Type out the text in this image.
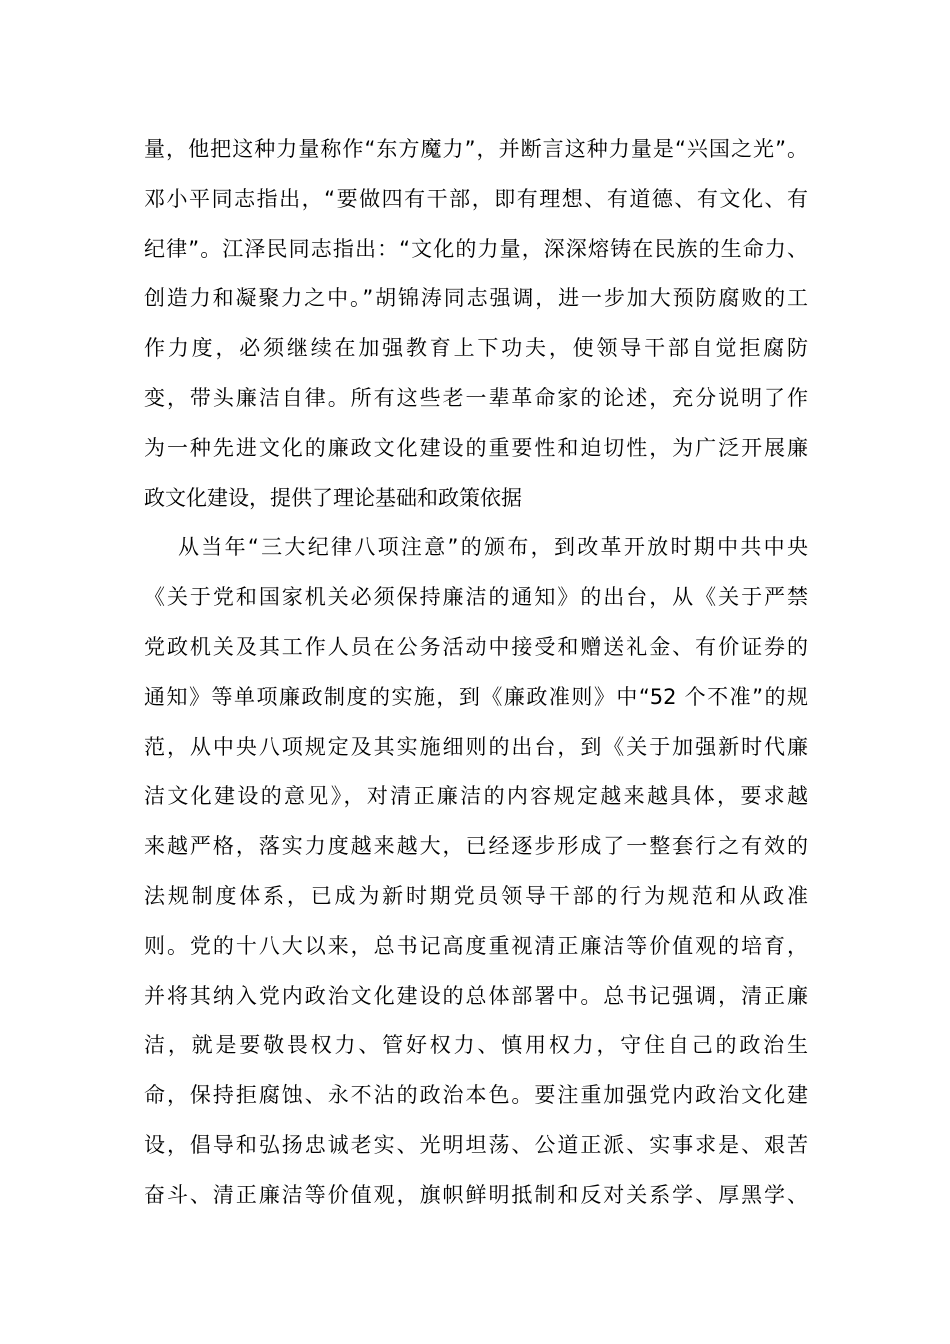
量，他把这种力量称作“东方魔力”，并断言这种力量是“兴国之光”。
邓小平同志指出，“要做四有干部，即有理想、有道德、有文化、有
纪律”。江泽民同志指出：“文化的力量，深深熔铸在民族的生命力、
创造力和凝聚力之中。”胡锦涛同志强调，进一步加大预防腐败的工
作力度，必须继续在加强教育上下功夫，使领导干部自觉拒腐防
变，带头廉洁自律。所有这些老一辈革命家的论述，充分说明了作
为一种先进文化的廉政文化建设的重要性和迫切性，为广泛开展廉
政文化建设，提供了理论基础和政策依据
从当年“三大纪律八项注意”的颁布，到改革开放时期中共中央
《关于党和国家机关必须保持廉洁的通知》的出台，从《关于严禁
党政机关及其工作人员在公务活动中接受和赠送礼金、有价证券的
通知》等单项廉政制度的实施，到《廉政准则》中“52 个不准”的规
范，从中央八项规定及其实施细则的出台，到《关于加强新时代廉
洁文化建设的意见》，对清正廉洁的内容规定越来越具体，要求越
来越严格，落实力度越来越大，已经逐步形成了一整套行之有效的
法规制度体系，已成为新时期党员领导干部的行为规范和从政准
则。党的十八大以来，总书记高度重视清正廉洁等价值观的培育，
并将其纳入党内政治文化建设的总体部署中。总书记强调，清正廉
洁，就是要敬畏权力、管好权力、慎用权力，守住自己的政治生
命，保持拒腐蚀、永不沾的政治本色。要注重加强党内政治文化建
设，倡导和弘扬忠诚老实、光明坦荡、公道正派、实事求是、艰苦
奋斗、清正廉洁等价值观，旗帜鲜明抵制和反对关系学、厚黑学、
